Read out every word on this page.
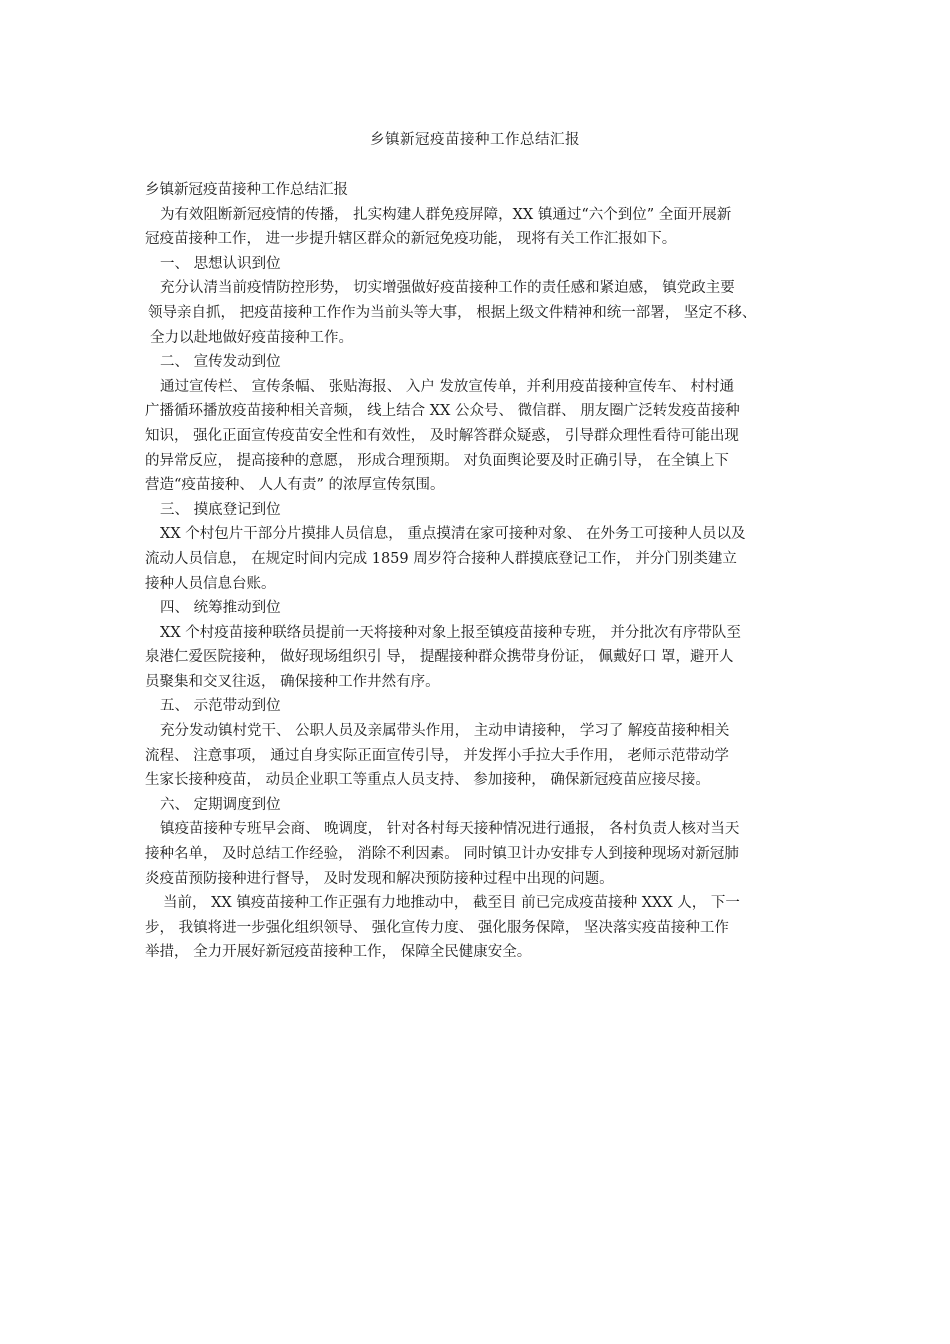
乡镇新冠疫苗接种工作总结汇报
乡镇新冠疫苗接种工作总结汇报
为有效阻断新冠疫情的传播， 扎实构建人群免疫屏障，XX 镇通过“六个到位” 全面开展新
冠疫苗接种工作， 进一步提升辖区群众的新冠免疫功能， 现将有关工作汇报如下。
一、 思想认识到位
充分认清当前疫情防控形势， 切实增强做好疫苗接种工作的责任感和紧迫感， 镇党政主要
领导亲自抓， 把疫苗接种工作作为当前头等大事， 根据上级文件精神和统一部署， 坚定不移、
全力以赴地做好疫苗接种工作。
二、 宣传发动到位
通过宣传栏、 宣传条幅、 张贴海报、 入户 发放宣传单，并利用疫苗接种宣传车、 村村通
广播循环播放疫苗接种相关音频， 线上结合 XX 公众号、 微信群、 朋友圈广泛转发疫苗接种
知识， 强化正面宣传疫苗安全性和有效性， 及时解答群众疑惑， 引导群众理性看待可能出现
的异常反应， 提高接种的意愿， 形成合理预期。 对负面舆论要及时正确引导， 在全镇上下
营造“疫苗接种、 人人有责” 的浓厚宣传氛围。
三、 摸底登记到位
XX 个村包片干部分片摸排人员信息， 重点摸清在家可接种对象、 在外务工可接种人员以及
流动人员信息， 在规定时间内完成 1859 周岁符合接种人群摸底登记工作， 并分门别类建立
接种人员信息台账。
四、 统筹推动到位
XX 个村疫苗接种联络员提前一天将接种对象上报至镇疫苗接种专班， 并分批次有序带队至
泉港仁爱医院接种， 做好现场组织引 导， 提醒接种群众携带身份证， 佩戴好口 罩，避开人
员聚集和交叉往返， 确保接种工作井然有序。
五、 示范带动到位
充分发动镇村党干、 公职人员及亲属带头作用， 主动申请接种， 学习了 解疫苗接种相关
流程、 注意事项， 通过自身实际正面宣传引导， 并发挥小手拉大手作用， 老师示范带动学
生家长接种疫苗， 动员企业职工等重点人员支持、 参加接种， 确保新冠疫苗应接尽接。
六、 定期调度到位
镇疫苗接种专班早会商、 晚调度， 针对各村每天接种情况进行通报， 各村负责人核对当天
接种名单， 及时总结工作经验， 消除不利因素。 同时镇卫计办安排专人到接种现场对新冠肺
炎疫苗预防接种进行督导， 及时发现和解决预防接种过程中出现的问题。
当前， XX 镇疫苗接种工作正强有力地推动中， 截至目 前已完成疫苗接种 XXX 人， 下一
步， 我镇将进一步强化组织领导、 强化宣传力度、 强化服务保障， 坚决落实疫苗接种工作
举措， 全力开展好新冠疫苗接种工作， 保障全民健康安全。
